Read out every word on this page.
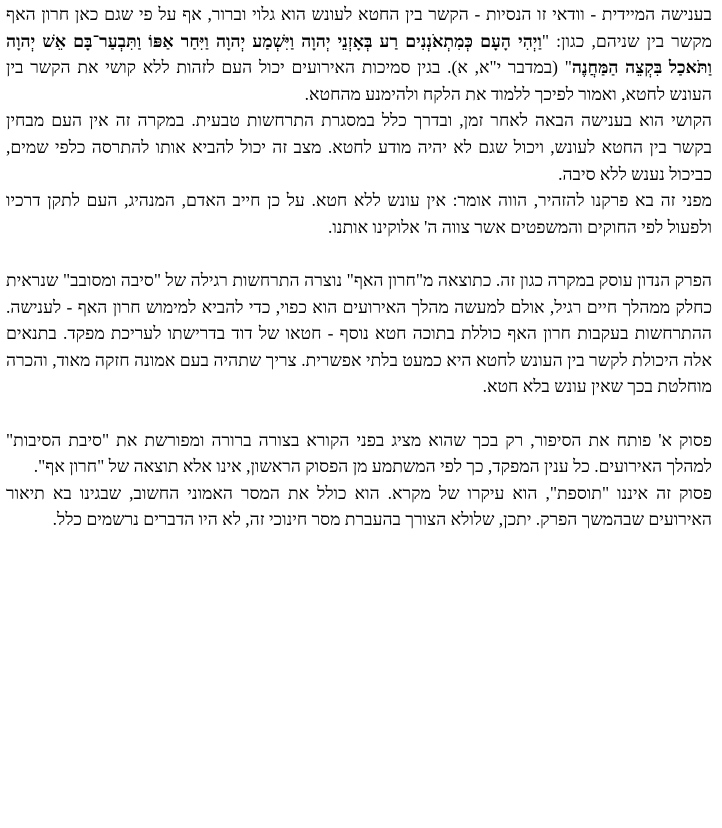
בענישה המיידית - וודאי זו הנסיות - הקשר בין החטא לעונש הוא גלוי וברור, אף על פי שגם כאן חרון האף מקשר בין שניהם, כגון: "וַיְהִי הָעָם כְּמִתְאֹנְנִים רַע בְּאָזְנֵי יְהוָה וַיִּשְׁמַע יְהוָה וַיִּחַר אַפּוֹ וַתִּבְעַר־בָּם אֵשׁ יְהוָה וַתֹּאכַל בִּקְצֵה הַמַּחֲנֶה" (במדבר י"א, א). בגין סמיכות האירועים יכול העם לזהות ללא קושי את הקשר בין העונש לחטא, ואמור לפיכך ללמוד את הלקח ולהימנע מהחטא.

הקושי הוא בענישה הבאה לאחר זמן, ובדרך כלל במסגרת התרחשות טבעית. במקרה זה אין העם מבחין בקשר בין החטא לעונש, ויכול שגם לא יהיה מודע לחטא. מצב זה יכול להביא אותו להתרסה כלפי שמים, כביכול נענש ללא סיבה.

מפני זה בא פרקנו להזהיר, הווה אומר: אין עונש ללא חטא. על כן חייב האדם, המנהיג, העם לתקן דרכיו ולפעול לפי החוקים והמשפטים אשר צווה ה' אלוקינו אותנו.

הפרק הנדון עוסק במקרה כגון זה. כתוצאה מ"חרון האף" נוצרה התרחשות רגילה של "סיבה ומסובב" שנראית כחלק ממהלך חיים רגיל, אולם למעשה מהלך האירועים הוא כפוי, כדי להביא למימוש חרון האף - לענישה. ההתרחשות בעקבות חרון האף כוללת בתוכה חטא נוסף - חטאו של דוד בדרישתו לעריכת מפקד. בתנאים אלה היכולת לקשר בין העונש לחטא היא כמעט בלתי אפשרית. צריך שתהיה בעם אמונה חזקה מאוד, והכרה מוחלטת בכך שאין עונש בלא חטא.

פסוק א' פותח את הסיפור, רק בכך שהוא מציג בפני הקורא בצורה ברורה ומפורשת את "סיבת הסיבות" למהלך האירועים. כל ענין המפקד, כך לפי המשתמע מן הפסוק הראשון, אינו אלא תוצאה של "חרון אף".

פסוק זה איננו "תוספת", הוא עיקרו של מקרא. הוא כולל את המסר האמוני החשוב, שבגינו בא תיאור האירועים שבהמשך הפרק. יתכן, שלולא הצורך בהעברת מסר חינוכי זה, לא היו הדברים נרשמים כלל.
